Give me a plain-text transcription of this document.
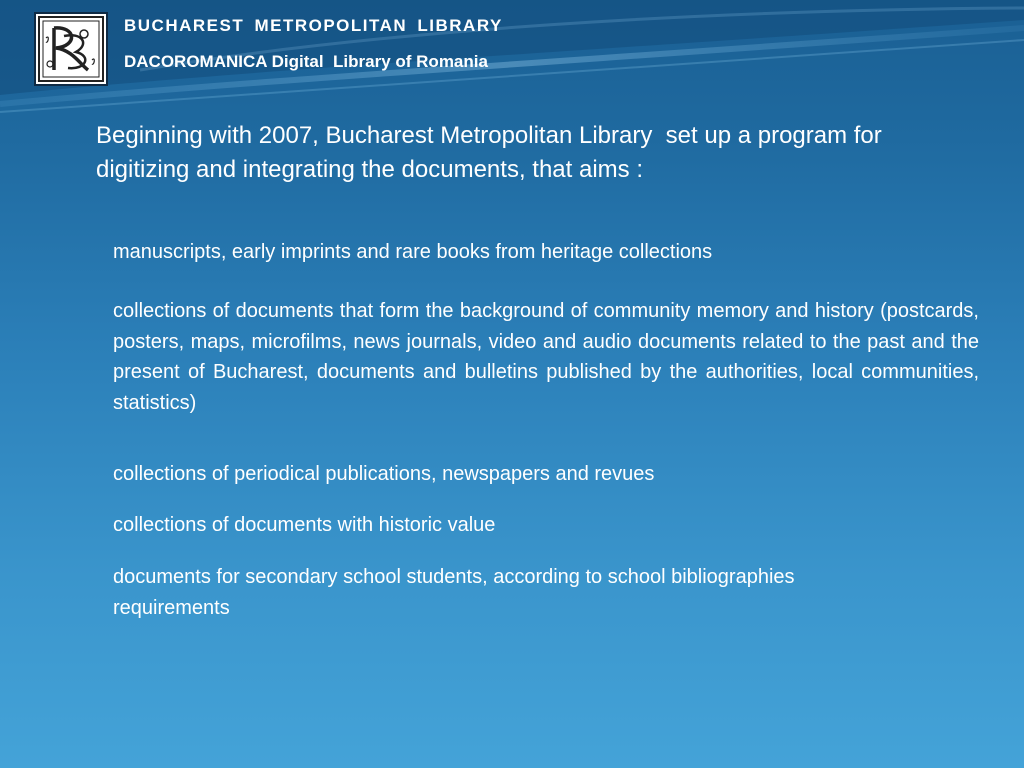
BUCHAREST METROPOLITAN LIBRARY
DACOROMANICA Digital  Library of Romania

Beginning with 2007, Bucharest Metropolitan Library  set up a program for digitizing and integrating the documents, that aims :

manuscripts, early imprints and rare books from heritage collections
collections of documents that form the background of community memory and history (postcards, posters, maps, microfilms, news journals, video and audio documents related to the past and the present of Bucharest, documents and bulletins published by the authorities, local communities, statistics)
collections of periodical publications, newspapers and revues
collections of documents with historic value
documents for secondary school students, according to school bibliographies requirements
